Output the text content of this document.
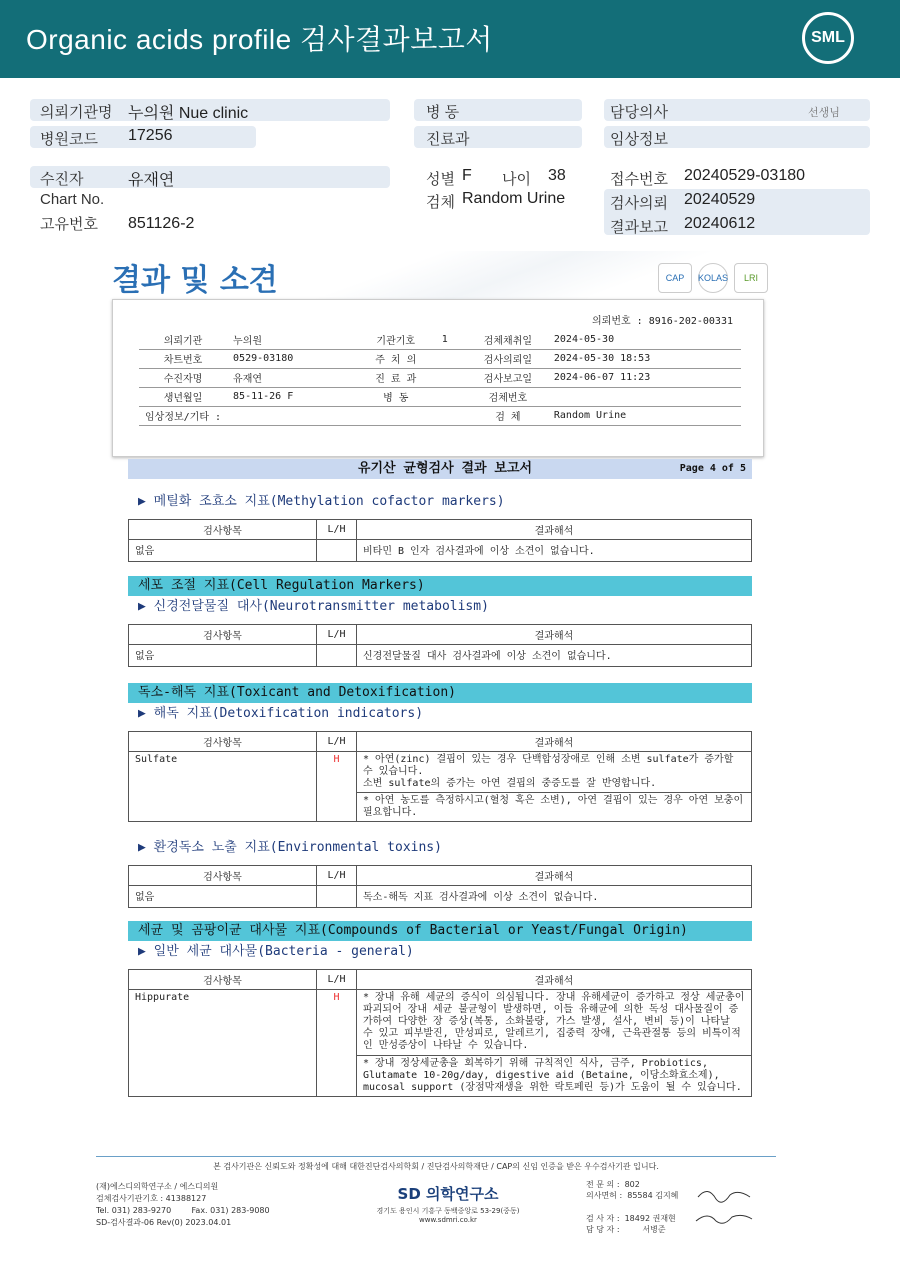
Organic acids profile 검사결과보고서	SML
의뢰기관명 누의원 Nue clinic
병원코드 17256
병 동
진료과
담당의사	선생님
임상정보
수진자	유재연
Chart No.
고유번호 851126-2
성별 F 나이 38
검체 Random Urine
접수번호 20240529-03180
검사의뢰 20240529
결과보고 20240612
결과 및 소견	CAP	KOLAS	LRI
의뢰번호 : 8916-202-00331
의뢰기관	누의원	기관기호	1	검체채취일	2024-05-30
차트번호	0529-03180	주 치 의		검사의뢰일	2024-05-30 18:53
수진자명	유재연	진 료 과		검사보고일	2024-06-07 11:23
생년월일	85-11-26 F	병 동		검체번호	
임상정보/기타 :				검 체	Random Urine
유기산 균형검사 결과 보고서	Page 4 of 5
▶ 메틸화 조효소 지표(Methylation cofactor markers)
검사항목	L/H	결과해석
없음		비타민 B 인자 검사결과에 이상 소견이 없습니다.
세포 조절 지표(Cell Regulation Markers)
▶ 신경전달물질 대사(Neurotransmitter metabolism)
검사항목	L/H	결과해석
없음		신경전달물질 대사 검사결과에 이상 소견이 없습니다.
독소-해독 지표(Toxicant and Detoxification)
▶ 해독 지표(Detoxification indicators)
검사항목	L/H	결과해석
Sulfate	H	* 아연(zinc) 결핍이 있는 경우 단백합성장애로 인해 소변 sulfate가 증가할 수 있습니다.
소변 sulfate의 증가는 아연 결핍의 중증도를 잘 반영합니다.
		* 아연 농도를 측정하시고(혈청 혹은 소변), 아연 결핍이 있는 경우 아연 보충이 필요합니다.
▶ 환경독소 노출 지표(Environmental toxins)
검사항목	L/H	결과해석
없음		독소-해독 지표 검사결과에 이상 소견이 없습니다.
세균 및 곰팡이균 대사물 지표(Compounds of Bacterial or Yeast/Fungal Origin)
▶ 일반 세균 대사물(Bacteria - general)
검사항목	L/H	결과해석
Hippurate	H	* 장내 유해 세균의 증식이 의심됩니다. 장내 유해세균이 증가하고 정상 세균총이 파괴되어 장내 세균 불균형이 발생하면, 이들 유해균에 의한 독성 대사물질이 증가하여 다양한 장 증상(복통, 소화불량, 가스 발생, 설사, 변비 등)이 나타날 수 있고 피부발진, 만성피로, 알레르기, 집중력 장애, 근육관절통 등의 비특이적인 만성증상이 나타날 수 있습니다.
		* 장내 정상세균총을 회복하기 위해 규칙적인 식사, 금주, Probiotics, Glutamate 10-20g/day, digestive aid (Betaine, 이당소화효소제), mucosal support (장점막재생을 위한 락토페린 등)가 도움이 될 수 있습니다.
본 검사기관은 신뢰도와 정확성에 대해 대한진단검사의학회 / 진단검사의학재단 / CAP의 신임 인증을 받은 우수검사기관 입니다.
(재)에스디의학연구소 / 에스디의원
검체검사기관기호 : 41388127
Tel. 031) 283-9270        Fax. 031) 283-9080
SD-검사결과-06 Rev(0) 2023.04.01
SD 의학연구소
경기도 용인시 기흥구 동백중앙로 53-29(중동)
www.sdmri.co.kr
전 문 의 :  802
의사면허 :  85584 김지혜
검 사 자 :  18492 권재현
담 당 자 :         서병준
